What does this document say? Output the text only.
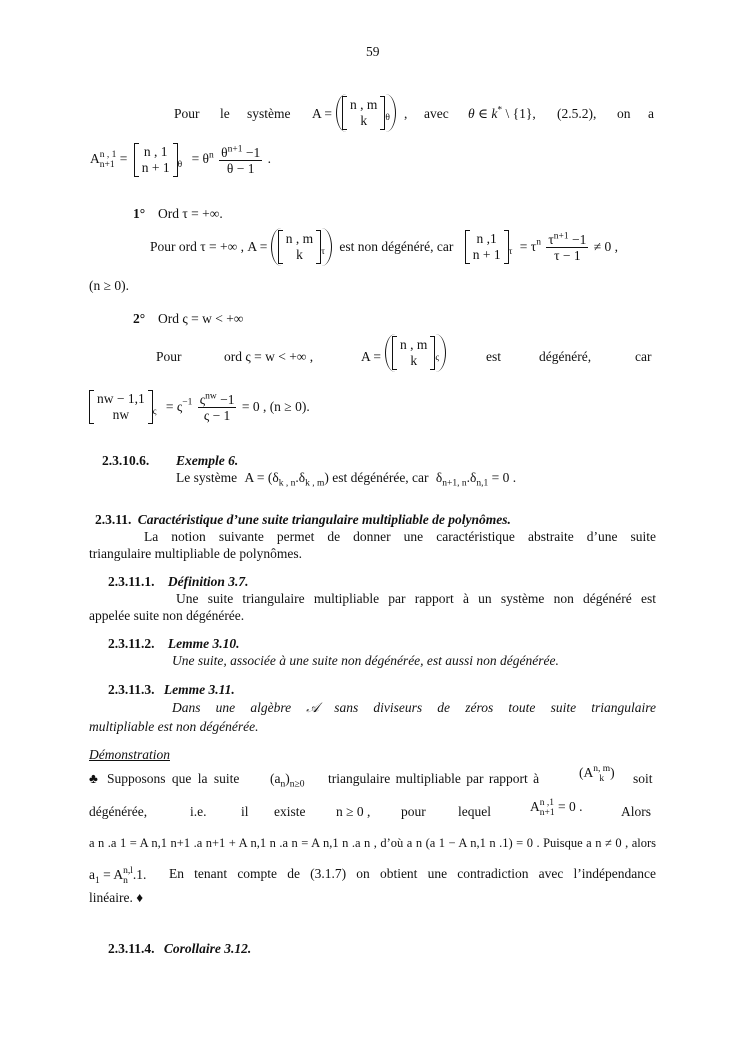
59
Pour le système A =
n , m
k	$_\theta$	, avec θ ∈ k* \ {1}, (2.5.2), on a
A n , 1
n+1 = n , 1
n + 1 $_\theta = \theta^n \frac{\theta^{n+1} -1}{\theta - 1}$ .
1° Ord τ = +∞.
Pour ord τ = +∞ , A =
n , m
k	$_\tau$ est non dégénéré, car
n ,1
n + 1 $_\tau = \tau^n \frac{\tau^{n+1} -1}{\tau - 1} \ne 0$ ,
(n ≥ 0).
2° Ord ς = w < +∞
Pour	ord ς = w < +∞ ,	A =
n , m
k	$_\varsigma$	est	dégénéré,	car
nw − 1,1
nw	$_\varsigma = \varsigma^{-1} \frac{\varsigma^{nw} -1}{\varsigma - 1} = 0$ , (n ≥ 0).
2.3.10.6. Exemple 6.
Le système $A = (\delta_{k , n}.\delta_{k , m})$ est dégénérée, car $\delta_{n+1, n}.\delta_{n,1} = 0$ .
2.3.11. Caractéristique d’une suite triangulaire multipliable de polynômes.
La notion suivante permet de donner une caractéristique abstraite d’une suite
triangulaire multipliable de polynômes.
2.3.11.1. Définition 3.7.
Une suite triangulaire multipliable par rapport à un système non dégénéré est
appelée suite non dégénérée.
2.3.11.2. Lemme 3.10.
Une suite, associée à une suite non dégénérée, est aussi non dégénérée.
2.3.11.3. Lemme 3.11.
Dans une algèbre 𝒜 sans diviseurs de zéros toute suite triangulaire
multipliable est non dégénérée.
Démonstration
♣ Supposons que la suite $(a_n)_{n\ge 0}$ triangulaire multipliable par rapport à	(A n, m
k ) soit
dégénérée,	i.e.	il existe n ≥ 0 , pour lequel	A n ,1
n+1 = 0 .	Alors
a n .a 1 = A n,1 n+1 .a n+1 + A n,1 n .a n = A n,1 n .a n , d’où a n (a 1 − A n,1 n .1) = 0 . Puisque a n ≠ 0 , alors
$a_1 = A$ n,l
n .1. En tenant compte de (3.1.7) on obtient une contradiction avec l’indépendance
linéaire. ♦
2.3.11.4. Corollaire 3.12.
